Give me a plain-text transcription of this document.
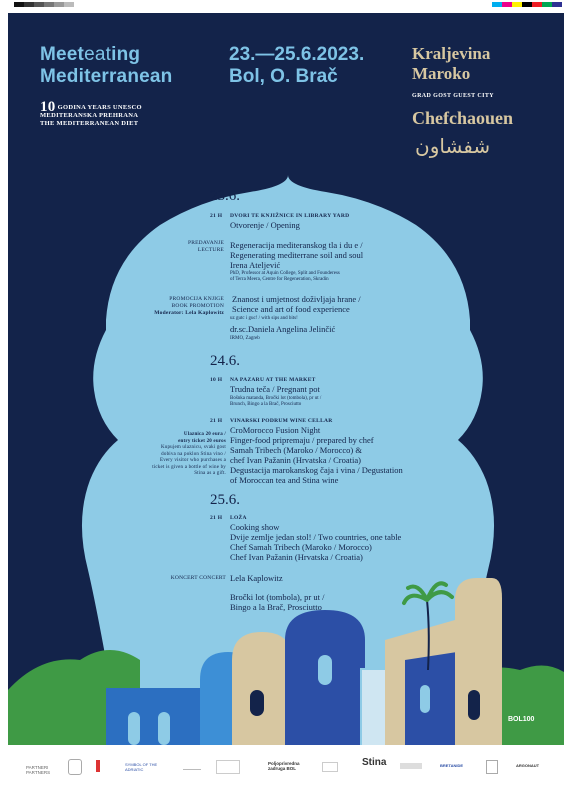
Meeteating
Mediterranean
23.—25.6.2023.
Bol, O. Brač
Kraljevina
Maroko
GRAD GOST GUEST CITY
Chefchaouen
شفشاون
10 GODINA YEARS UNESCO
MEDITERANSKA PREHRANA
THE MEDITERRANEAN DIET
23.6.
21 H DVORI TE KNJIŽNICE IN LIBRARY YARD
Otvorenje / Opening
PREDAVANJE
LECTURE Regeneracija mediteranskog tla i du e /
Regenerating mediterrane soil and soul
Irena Ateljević
PhD, Professor at Aquin College, Split and Founderess
of Terra Meera, Centre for Regeneration, Skradin
PROMOCIJA KNJIGE
BOOK PROMOTION
Moderator: Lela Kaplowitz
Znanost i umjetnost doživljaja hrane /
Science and art of food experience
uz gutc i guc! / with sips and bits!
dr.sc.Daniela Angelina Jelinčić
IRMO, Zagreb
24.6.
10 H NA PAZARU AT THE MARKET
Trudna teča / Pregnant pot
Bošnka matanda, Bročki lot (tombola), pr ut /
Brunch, Bingo a la Brač, Prosciutto
21 H VINARSKI PODRUM WINE CELLAR
CroMorocco Fusion Night
Finger-food pripremaju / prepared by chef
Samah Tribech (Maroko / Morocco) &
chef Ivan Pažanin (Hrvatska / Croatia)
Degustacija marokanskog čaja i vina / Degustation
of Moroccan tea and Stina wine
Ulaznica 20 eura /
entry ticket 20 euros
Kupujem ulaznicu, svaki gost
dobiva na poklon Stina vino /
Every visitor who purchases a
ticket is given a bottle of wine by
Stina as a gift.
25.6.
21 H LOŽA
Cooking show
Dvije zemlje jedan stol! / Two countries, one table
Chef Samah Tribech (Maroko / Morocco)
Chef Ivan Pažanin (Hrvatska / Croatia)
KONCERT CONCERT Lela Kaplowitz
Bročki lot (tombola), pr ut /
Bingo a la Brač, Prosciutto
BOL100
PARTNERI
PARTNERS
SYMBOL OF THE ADRIATIC
Poljoprivredna
zadruga BOL
Stina	BRETANIDE	ARGONAUT
